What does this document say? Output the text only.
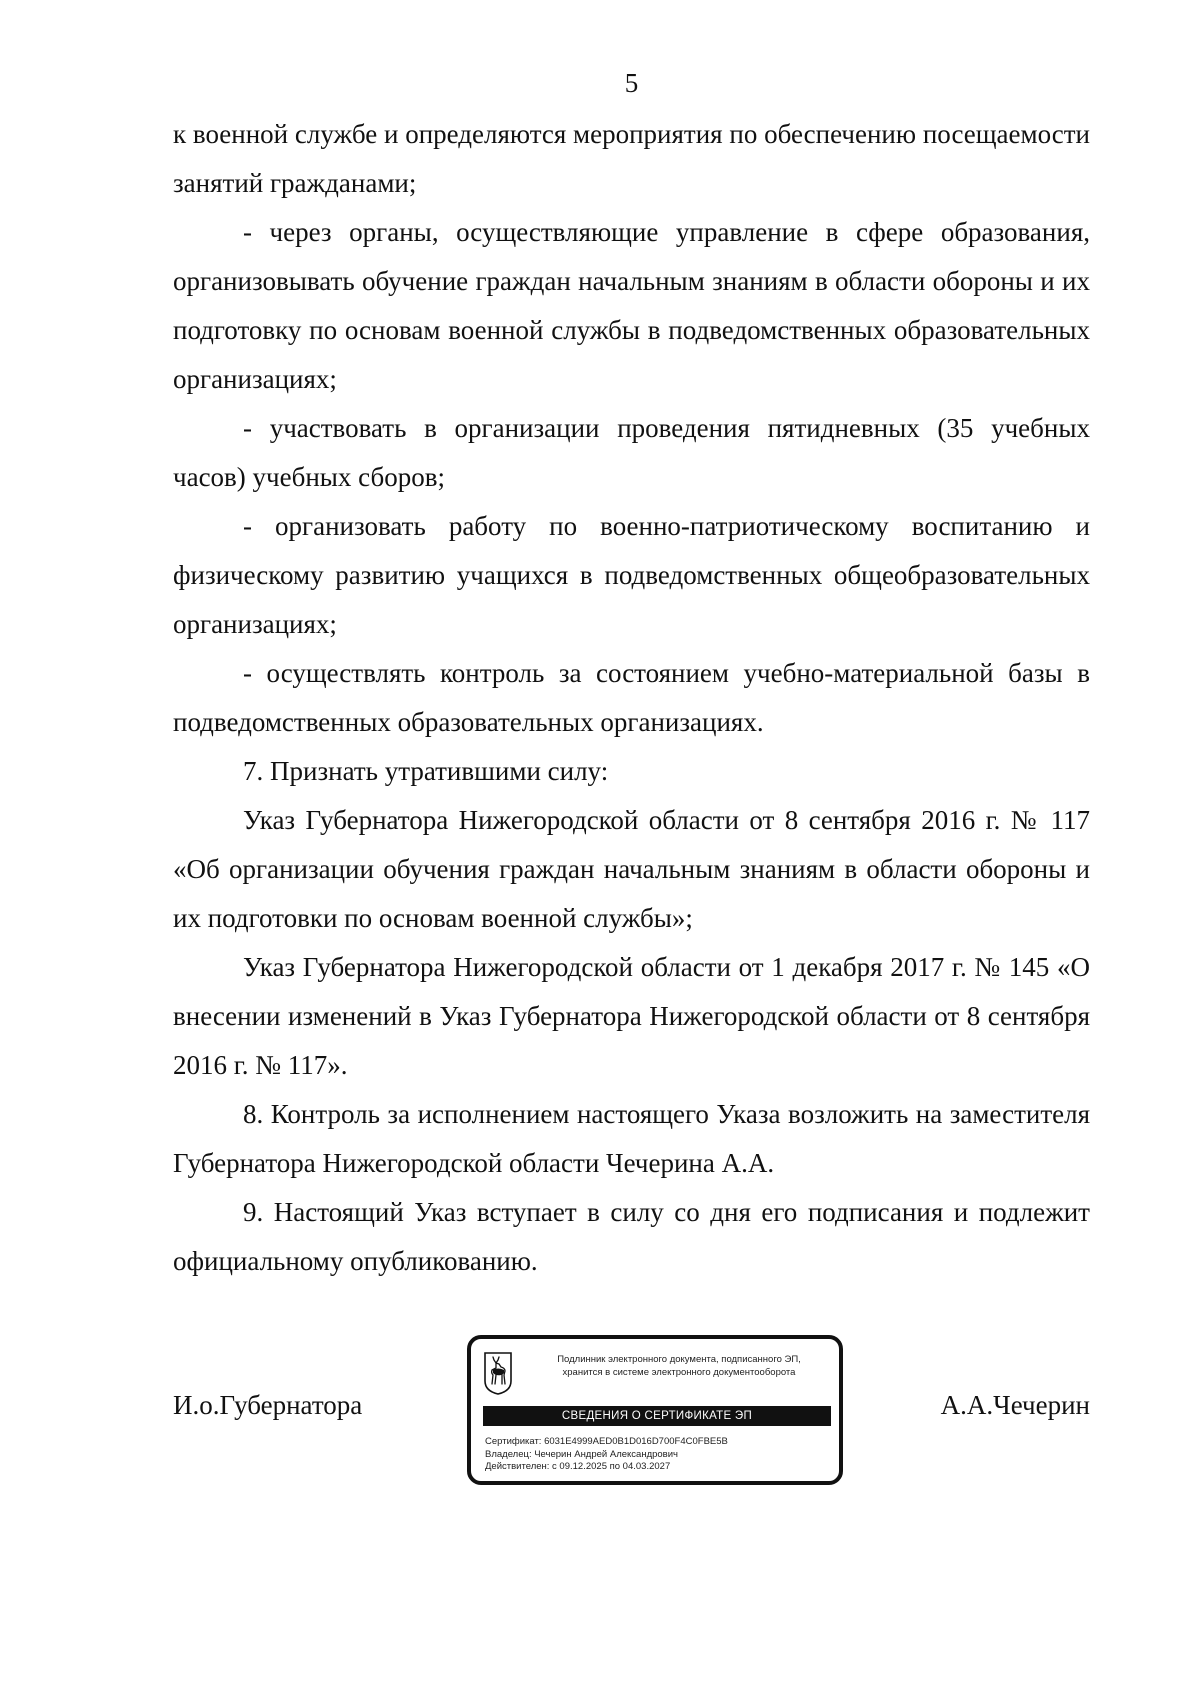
5

к военной службе и определяются мероприятия по обеспечению посещаемости занятий гражданами;

- через органы, осуществляющие управление в сфере образования, организовывать обучение граждан начальным знаниям в области обороны и их подготовку по основам военной службы в подведомственных образовательных организациях;

- участвовать в организации проведения пятидневных (35 учебных часов) учебных сборов;

- организовать работу по военно-патриотическому воспитанию и физическому развитию учащихся в подведомственных общеобразовательных организациях;

- осуществлять контроль за состоянием учебно-материальной базы в подведомственных образовательных организациях.

7. Признать утратившими силу:

Указ Губернатора Нижегородской области от 8 сентября 2016 г. № 117 «Об организации обучения граждан начальным знаниям в области обороны и их подготовки по основам военной службы»;

Указ Губернатора Нижегородской области от 1 декабря 2017 г. № 145 «О внесении изменений в Указ Губернатора Нижегородской области от 8 сентября 2016 г. № 117».

8. Контроль за исполнением настоящего Указа возложить на заместителя Губернатора Нижегородской области Чечерина А.А.

9. Настоящий Указ вступает в силу со дня его подписания и подлежит официальному опубликованию.

И.о.Губернатора
Подлинник электронного документа, подписанного ЭП,
хранится в системе электронного документооборота
СВЕДЕНИЯ О СЕРТИФИКАТЕ ЭП
Сертификат: 6031E4999AED0B1D016D700F4C0FBE5B
Владелец: Чечерин Андрей Александрович
Действителен: с 09.12.2025 по 04.03.2027
А.А.Чечерин
